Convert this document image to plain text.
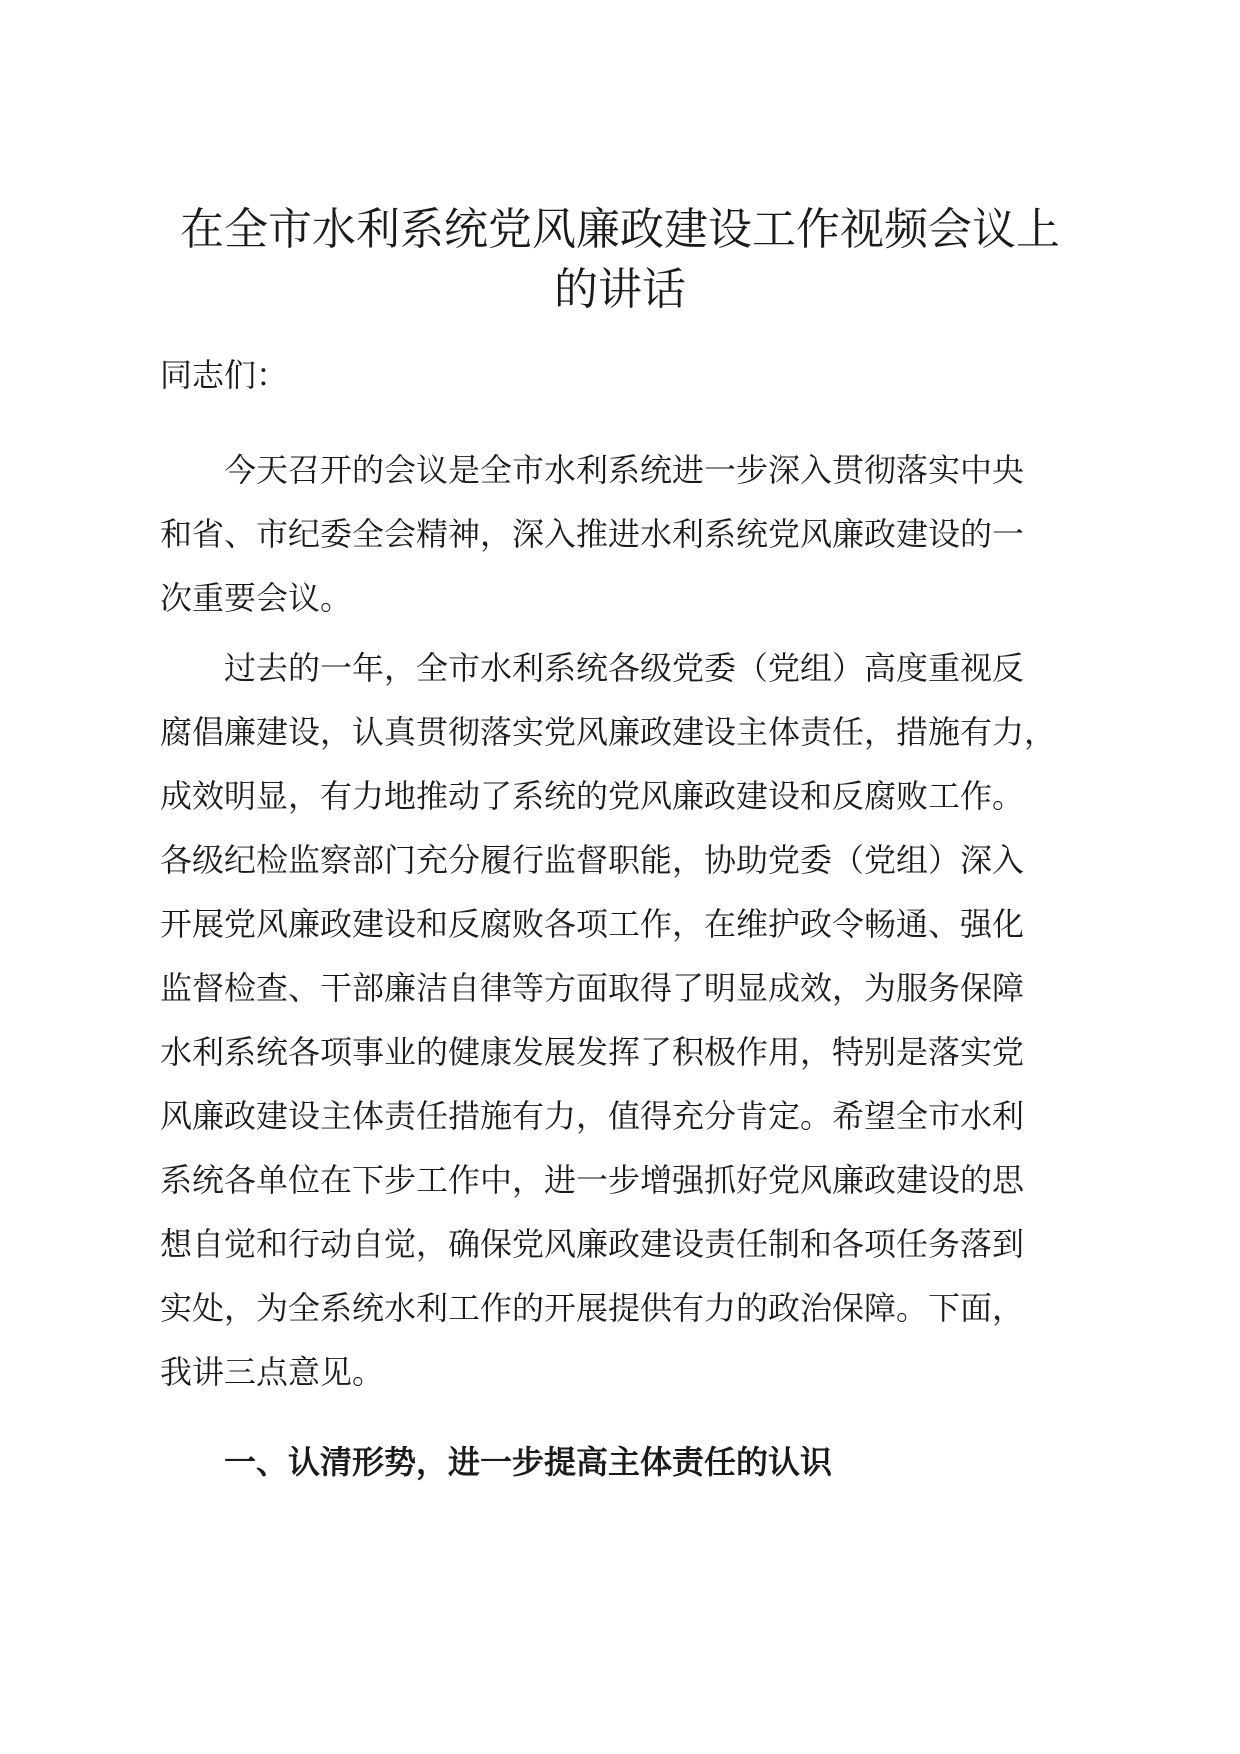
在全市水利系统党风廉政建设工作视频会议上
的讲话

同志们：

今天召开的会议是全市水利系统进一步深入贯彻落实中央
和省、市纪委全会精神，深入推进水利系统党风廉政建设的一
次重要会议。
过去的一年，全市水利系统各级党委（党组）高度重视反
腐倡廉建设，认真贯彻落实党风廉政建设主体责任，措施有力，
成效明显，有力地推动了系统的党风廉政建设和反腐败工作。
各级纪检监察部门充分履行监督职能，协助党委（党组）深入
开展党风廉政建设和反腐败各项工作，在维护政令畅通、强化
监督检查、干部廉洁自律等方面取得了明显成效，为服务保障
水利系统各项事业的健康发展发挥了积极作用，特别是落实党
风廉政建设主体责任措施有力，值得充分肯定。希望全市水利
系统各单位在下步工作中，进一步增强抓好党风廉政建设的思
想自觉和行动自觉，确保党风廉政建设责任制和各项任务落到
实处，为全系统水利工作的开展提供有力的政治保障。下面，
我讲三点意见。

一、认清形势，进一步提高主体责任的认识
